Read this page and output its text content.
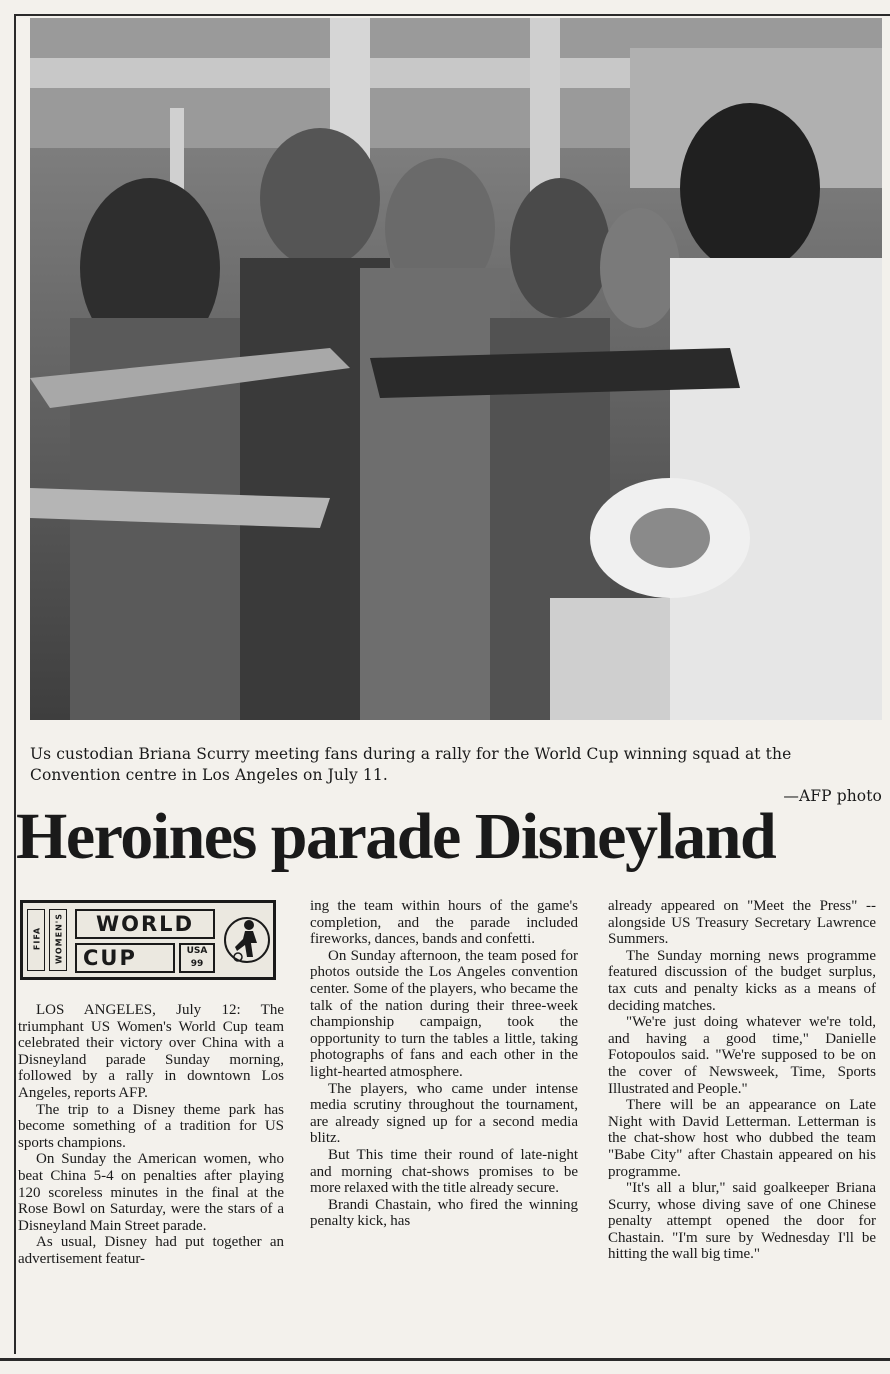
Us custodian Briana Scurry meeting fans during a rally for the World Cup winning squad at the Convention centre in Los Angeles on July 11.
—AFP photo
Heroines parade Disneyland
FIFA WOMEN'S	WORLD
CUP	USA
99

LOS ANGELES, July 12: The triumphant US Women's World Cup team celebrated their victory over China with a Disneyland parade Sunday morning, followed by a rally in downtown Los Angeles, reports AFP.

The trip to a Disney theme park has become something of a tradition for US sports champions.

On Sunday the American women, who beat China 5-4 on penalties after playing 120 scoreless minutes in the final at the Rose Bowl on Saturday, were the stars of a Disneyland Main Street parade.

As usual, Disney had put together an advertisement featur-

ing the team within hours of the game's completion, and the parade included fireworks, dances, bands and confetti.

On Sunday afternoon, the team posed for photos outside the Los Angeles convention center. Some of the players, who became the talk of the nation during their three-week championship campaign, took the opportunity to turn the tables a little, taking photographs of fans and each other in the light-hearted atmosphere.

The players, who came under intense media scrutiny throughout the tournament, are already signed up for a second media blitz.

But This time their round of late-night and morning chat-shows promises to be more relaxed with the title already secure.

Brandi Chastain, who fired the winning penalty kick, has

already appeared on "Meet the Press" -- alongside US Treasury Secretary Lawrence Summers.

The Sunday morning news programme featured discussion of the budget surplus, tax cuts and penalty kicks as a means of deciding matches.

"We're just doing whatever we're told, and having a good time," Danielle Fotopoulos said. "We're supposed to be on the cover of Newsweek, Time, Sports Illustrated and People."

There will be an appearance on Late Night with David Letterman. Letterman is the chat-show host who dubbed the team "Babe City" after Chastain appeared on his programme.

"It's all a blur," said goalkeeper Briana Scurry, whose diving save of one Chinese penalty attempt opened the door for Chastain. "I'm sure by Wednesday I'll be hitting the wall big time."
